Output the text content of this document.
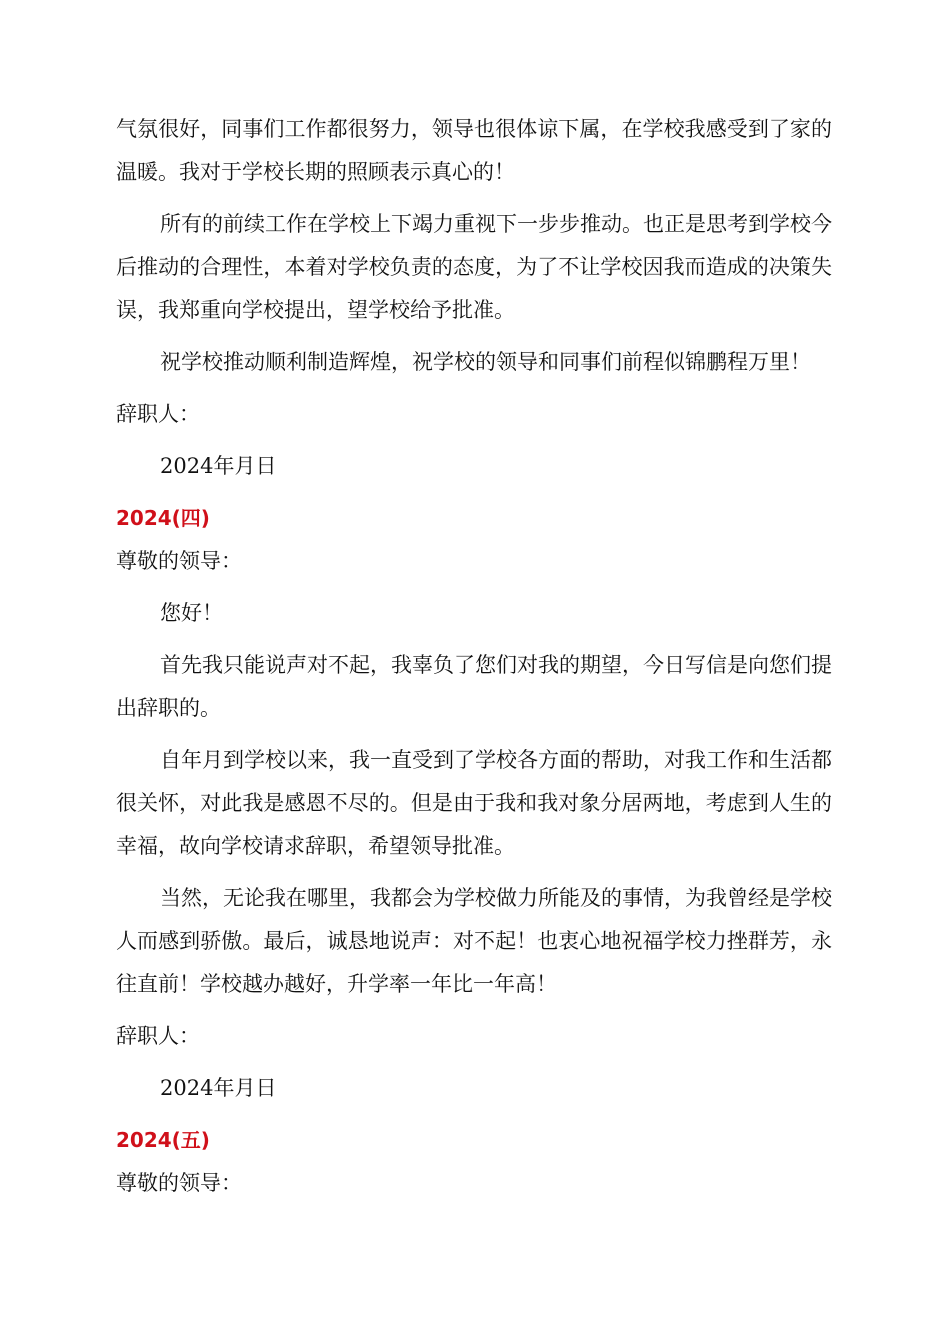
气氛很好，同事们工作都很努力，领导也很体谅下属，在学校我感受到了家的温暖。我对于学校长期的照顾表示真心的！

所有的前续工作在学校上下竭力重视下一步步推动。也正是思考到学校今后推动的合理性，本着对学校负责的态度，为了不让学校因我而造成的决策失误，我郑重向学校提出，望学校给予批准。

祝学校推动顺利制造辉煌，祝学校的领导和同事们前程似锦鹏程万里！

辞职人：

2024年月日

2024(四)

尊敬的领导：

您好！

首先我只能说声对不起，我辜负了您们对我的期望，今日写信是向您们提出辞职的。

自年月到学校以来，我一直受到了学校各方面的帮助，对我工作和生活都很关怀，对此我是感恩不尽的。但是由于我和我对象分居两地，考虑到人生的幸福，故向学校请求辞职，希望领导批准。

当然，无论我在哪里，我都会为学校做力所能及的事情，为我曾经是学校人而感到骄傲。最后，诚恳地说声：对不起！也衷心地祝福学校力挫群芳，永往直前！学校越办越好，升学率一年比一年高！

辞职人：

2024年月日

2024(五)

尊敬的领导：
